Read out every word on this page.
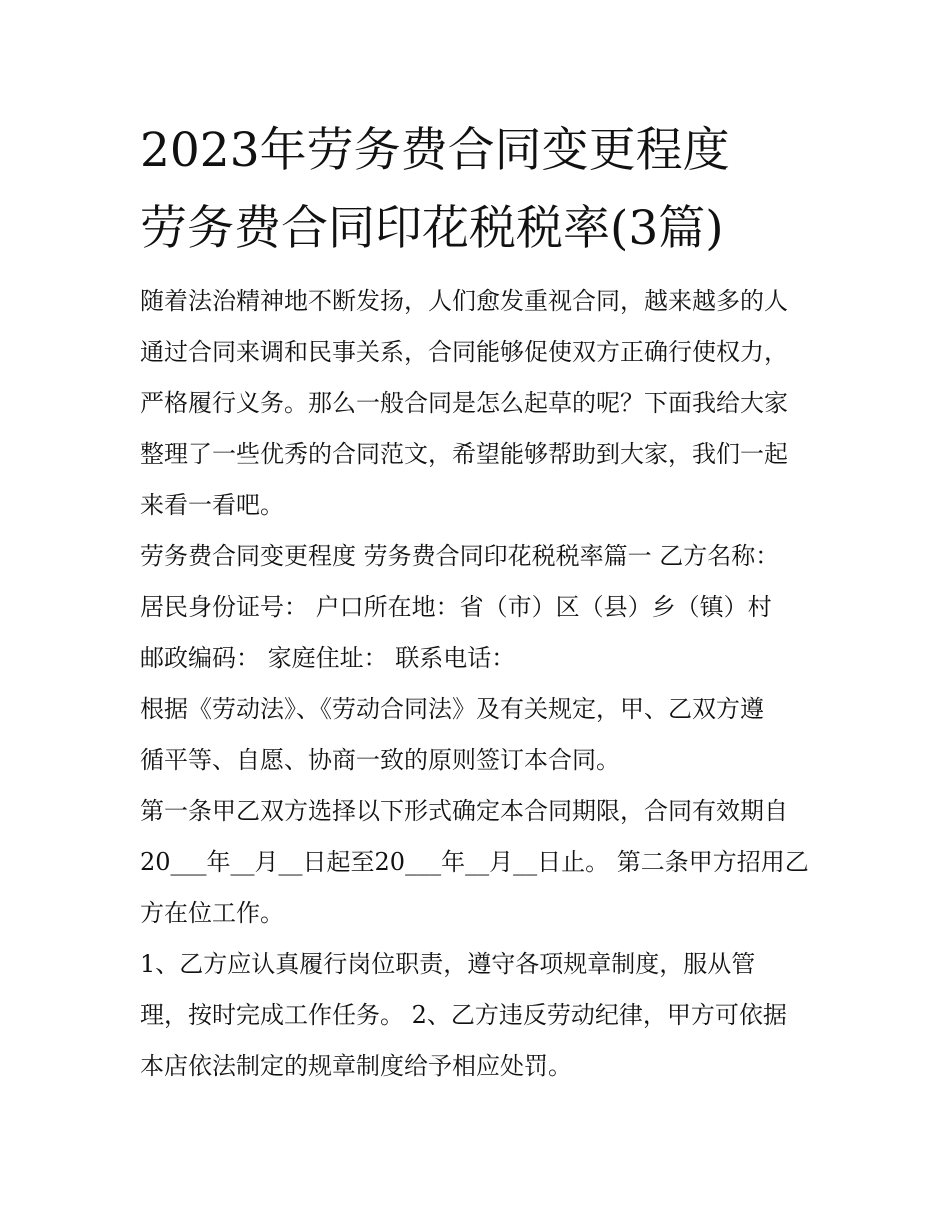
2023年劳务费合同变更程度
劳务费合同印花税税率(3篇)
随着法治精神地不断发扬，人们愈发重视合同，越来越多的人
通过合同来调和民事关系，合同能够促使双方正确行使权力，
严格履行义务。那么一般合同是怎么起草的呢？下面我给大家
整理了一些优秀的合同范文，希望能够帮助到大家，我们一起
来看一看吧。
劳务费合同变更程度 劳务费合同印花税税率篇一 乙方名称：
居民身份证号： 户口所在地：省（市）区（县）乡（镇）村
邮政编码： 家庭住址： 联系电话：
根据《劳动法》、《劳动合同法》及有关规定，甲、乙双方遵
循平等、自愿、协商一致的原则签订本合同。
第一条甲乙双方选择以下形式确定本合同期限，合同有效期自
20___年__月__日起至20___年__月__日止。 第二条甲方招用乙
方在位工作。
1、乙方应认真履行岗位职责，遵守各项规章制度，服从管
理，按时完成工作任务。 2、乙方违反劳动纪律，甲方可依据
本店依法制定的规章制度给予相应处罚。
